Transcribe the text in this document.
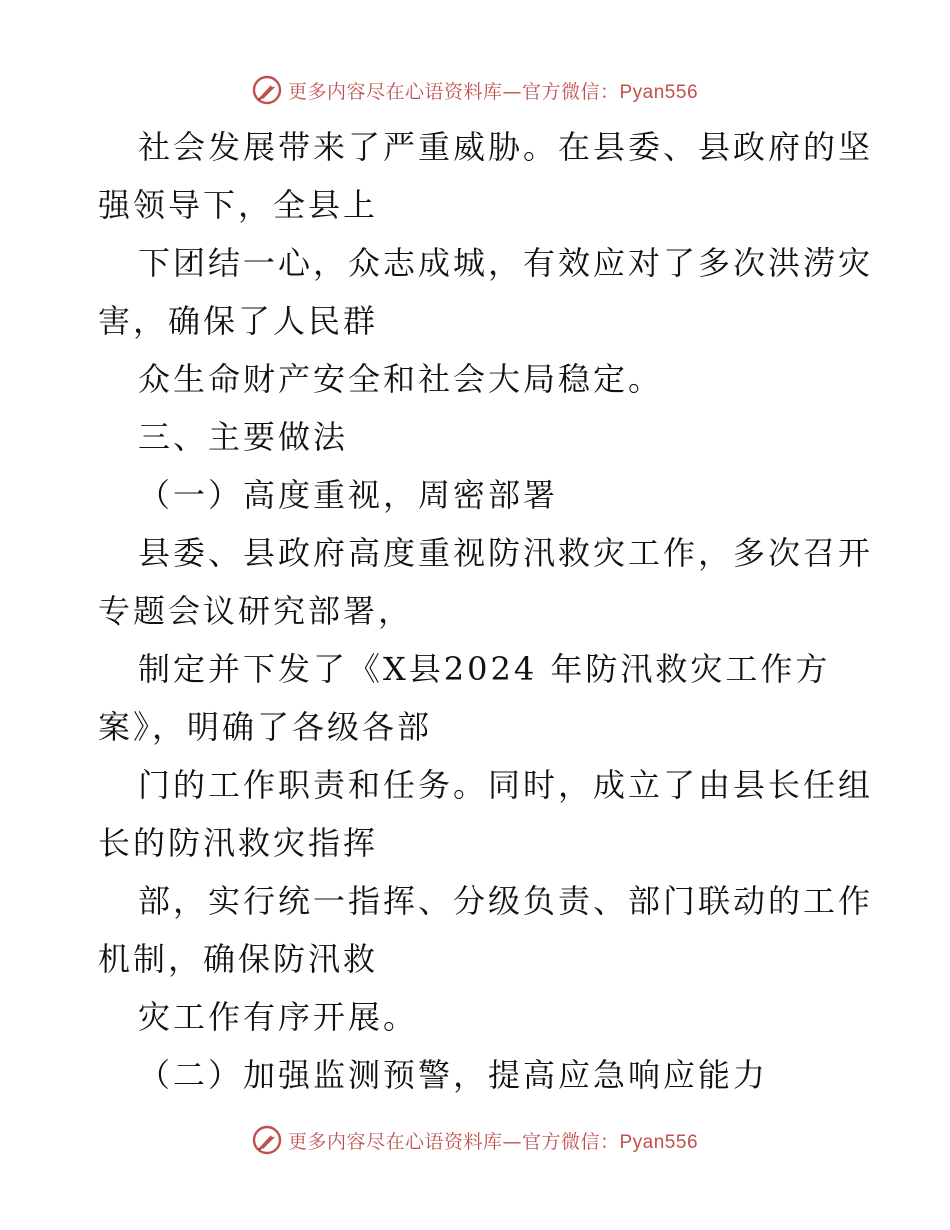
更多内容尽在心语资料库—官方微信：Pyan556
社会发展带来了严重威胁。在县委、县政府的坚
强领导下，全县上
下团结一心，众志成城，有效应对了多次洪涝灾
害，确保了人民群
众生命财产安全和社会大局稳定。
三、主要做法
（一）高度重视，周密部署
县委、县政府高度重视防汛救灾工作，多次召开
专题会议研究部署，
制定并下发了《X县2024 年防汛救灾工作方
案》，明确了各级各部
门的工作职责和任务。同时，成立了由县长任组
长的防汛救灾指挥
部，实行统一指挥、分级负责、部门联动的工作
机制，确保防汛救
灾工作有序开展。
（二）加强监测预警，提高应急响应能力
更多内容尽在心语资料库—官方微信：Pyan556
